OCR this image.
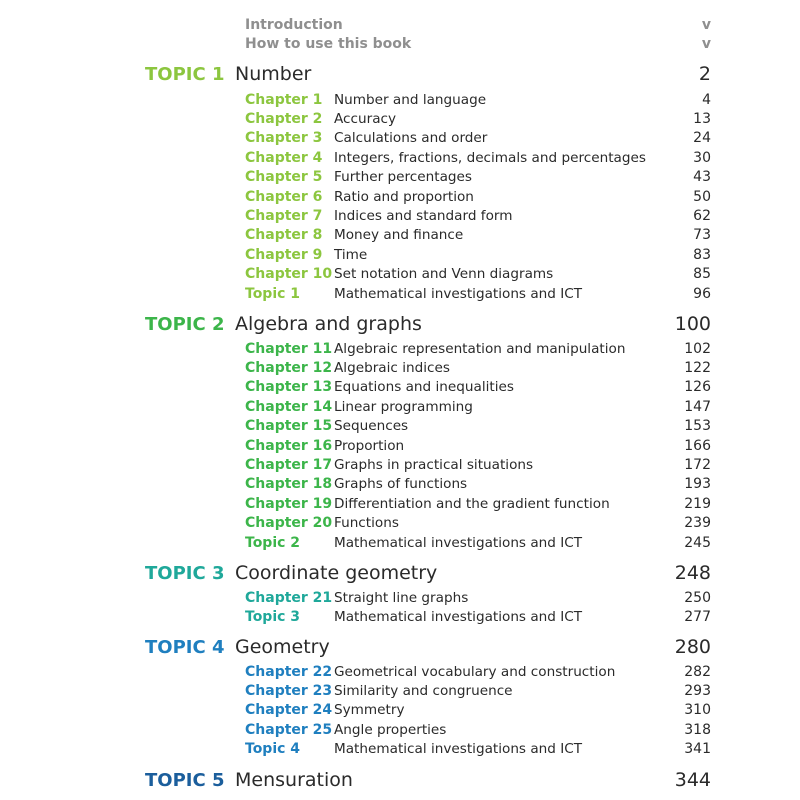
Introduction	v
How to use this book	v
TOPIC 1 Number	2
Chapter 1 Number and language	4
Chapter 2 Accuracy	13
Chapter 3 Calculations and order	24
Chapter 4 Integers, fractions, decimals and percentages	30
Chapter 5 Further percentages	43
Chapter 6 Ratio and proportion	50
Chapter 7 Indices and standard form	62
Chapter 8 Money and finance	73
Chapter 9 Time	83
Chapter 10 Set notation and Venn diagrams	85
Topic 1	Mathematical investigations and ICT	96
TOPIC 2 Algebra and graphs	100
Chapter 11 Algebraic representation and manipulation	102
Chapter 12 Algebraic indices	122
Chapter 13 Equations and inequalities	126
Chapter 14 Linear programming	147
Chapter 15 Sequences	153
Chapter 16 Proportion	166
Chapter 17 Graphs in practical situations	172
Chapter 18 Graphs of functions	193
Chapter 19 Differentiation and the gradient function	219
Chapter 20 Functions	239
Topic 2	Mathematical investigations and ICT	245
TOPIC 3 Coordinate geometry	248
Chapter 21 Straight line graphs	250
Topic 3	Mathematical investigations and ICT	277
TOPIC 4 Geometry	280
Chapter 22 Geometrical vocabulary and construction	282
Chapter 23 Similarity and congruence	293
Chapter 24 Symmetry	310
Chapter 25 Angle properties	318
Topic 4	Mathematical investigations and ICT	341
TOPIC 5 Mensuration	344
